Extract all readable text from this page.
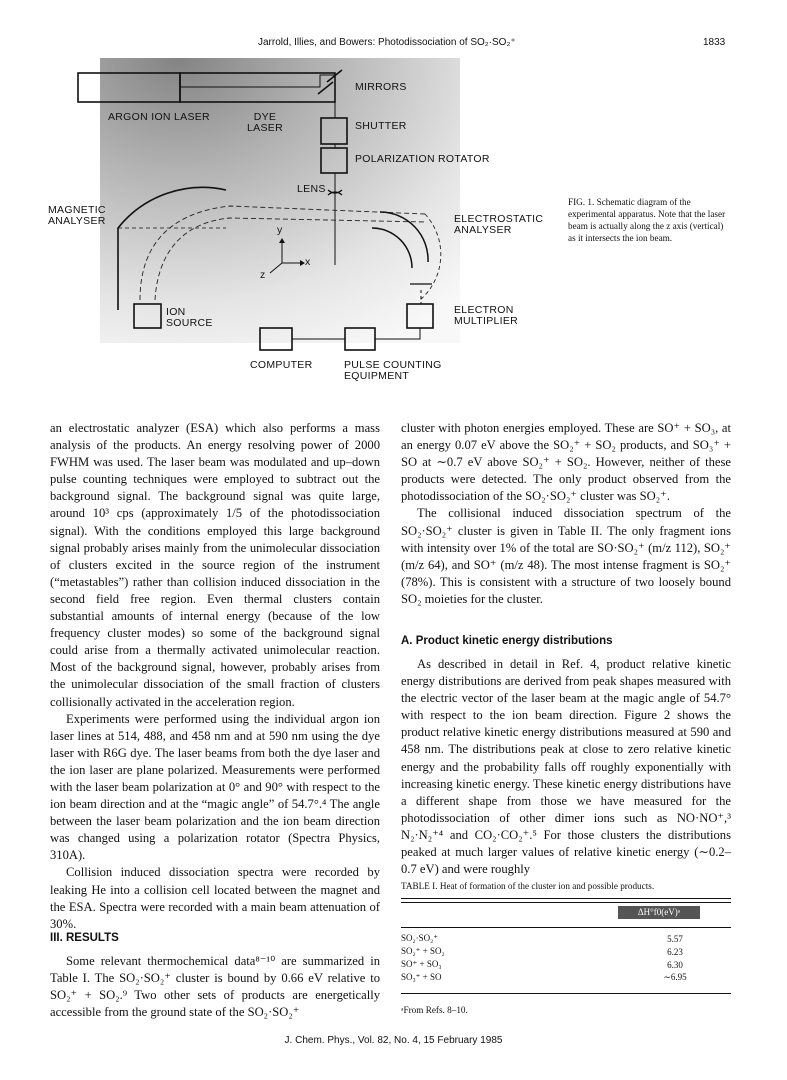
Jarrold, Illies, and Bowers: Photodissociation of SO₂·SO₂⁺	1833
MIRRORS
ARGON ION LASER	DYE LASER	SHUTTER
POLARIZATION ROTATOR
LENS
MAGNETIC ANALYSER	ELECTROSTATIC ANALYSER
ION SOURCE
ELECTRON MULTIPLIER
COMPUTER	PULSE COUNTING EQUIPMENT
x
y
z
FIG. 1. Schematic diagram of the experimental apparatus. Note that the laser beam is actually along the z axis (vertical) as it intersects the ion beam.

an electrostatic analyzer (ESA) which also performs a mass analysis of the products. An energy resolving power of 2000 FWHM was used. The laser beam was modulated and up–down pulse counting techniques were employed to subtract out the background signal. The background signal was quite large, around 10³ cps (approximately 1/5 of the photodissociation signal). With the conditions employed this large background signal probably arises mainly from the unimolecular dissociation of clusters excited in the source region of the instrument (“metastables”) rather than collision induced dissociation in the second field free region. Even thermal clusters contain substantial amounts of internal energy (because of the low frequency cluster modes) so some of the background signal could arise from a thermally activated unimolecular reaction. Most of the background signal, however, probably arises from the unimolecular dissociation of the small fraction of clusters collisionally activated in the acceleration region.

Experiments were performed using the individual argon ion laser lines at 514, 488, and 458 nm and at 590 nm using the dye laser with R6G dye. The laser beams from both the dye laser and the ion laser are plane polarized. Measurements were performed with the laser beam polarization at 0° and 90° with respect to the ion beam direction and at the “magic angle” of 54.7°.⁴ The angle between the laser beam polarization and the ion beam direction was changed using a polarization rotator (Spectra Physics, 310A).

Collision induced dissociation spectra were recorded by leaking He into a collision cell located between the magnet and the ESA. Spectra were recorded with a main beam attenuation of 30%.

III. RESULTS

Some relevant thermochemical data⁸⁻¹⁰ are summarized in Table I. The SO₂·SO₂⁺ cluster is bound by 0.66 eV relative to SO₂⁺ + SO₂.⁹ Two other sets of products are energetically accessible from the ground state of the SO₂·SO₂⁺

cluster with photon energies employed. These are SO⁺ + SO₃, at an energy 0.07 eV above the SO₂⁺ + SO₂ products, and SO₃⁺ + SO at ∼0.7 eV above SO₂⁺ + SO₂. However, neither of these products were detected. The only product observed from the photodissociation of the SO₂·SO₂⁺ cluster was SO₂⁺.

The collisional induced dissociation spectrum of the SO₂·SO₂⁺ cluster is given in Table II. The only fragment ions with intensity over 1% of the total are SO·SO₂⁺ (m/z 112), SO₂⁺ (m/z 64), and SO⁺ (m/z 48). The most intense fragment is SO₂⁺ (78%). This is consistent with a structure of two loosely bound SO₂ moieties for the cluster.

A. Product kinetic energy distributions

As described in detail in Ref. 4, product relative kinetic energy distributions are derived from peak shapes measured with the electric vector of the laser beam at the magic angle of 54.7° with respect to the ion beam direction. Figure 2 shows the product relative kinetic energy distributions measured at 590 and 458 nm. The distributions peak at close to zero relative kinetic energy and the probability falls off roughly exponentially with increasing kinetic energy. These kinetic energy distributions have a different shape from those we have measured for the photodissociation of other dimer ions such as NO·NO⁺,³ N₂·N₂⁺⁴ and CO₂·CO₂⁺.⁵ For those clusters the distributions peaked at much larger values of relative kinetic energy (∼0.2–0.7 eV) and were roughly

TABLE I. Heat of formation of the cluster ion and possible products.
ΔH°f0(eV)ᵃ
SO₂·SO₂⁺	5.57
SO₂⁺ + SO₂	6.23
SO⁺ + SO₃	6.30
SO₃⁺ + SO	∼6.95
ᵃFrom Refs. 8–10.
J. Chem. Phys., Vol. 82, No. 4, 15 February 1985
